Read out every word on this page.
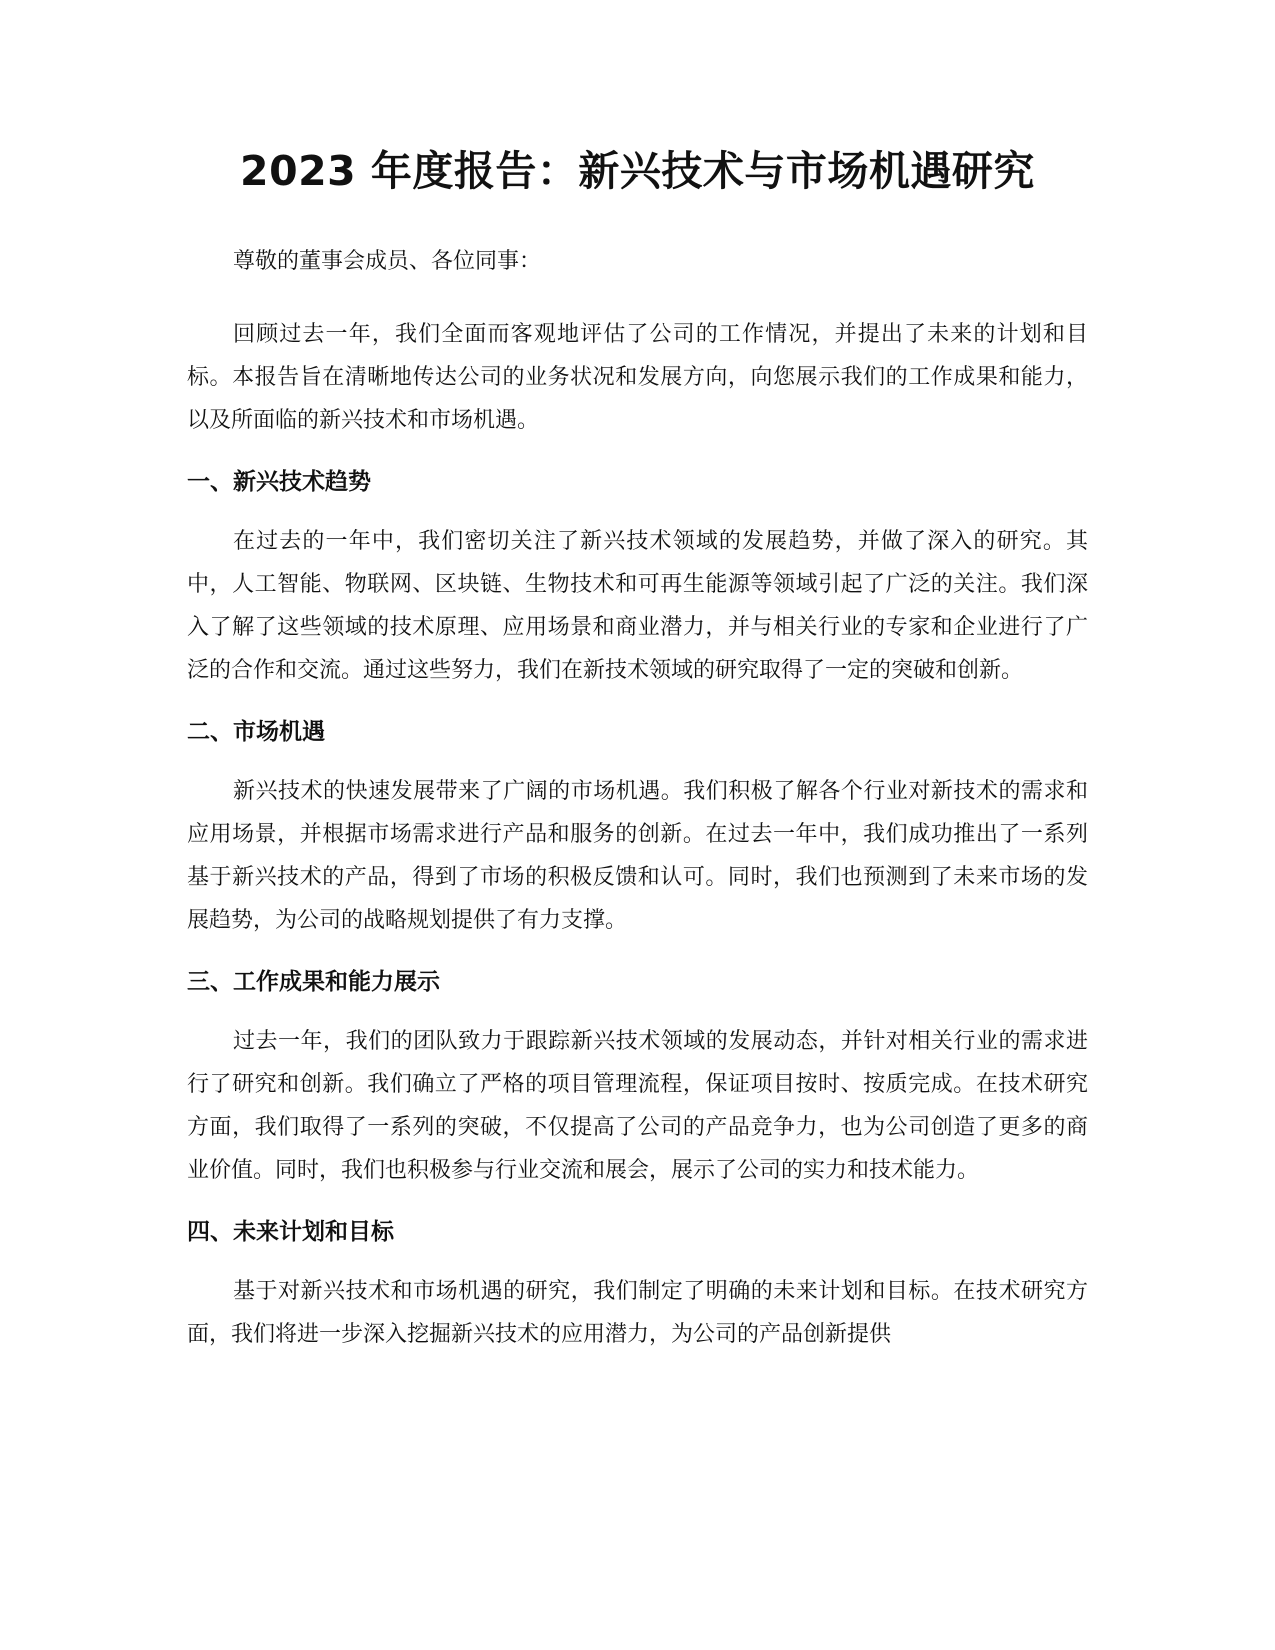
2023 年度报告：新兴技术与市场机遇研究

尊敬的董事会成员、各位同事：

回顾过去一年，我们全面而客观地评估了公司的工作情况，并提出了未来的计划和目标。本报告旨在清晰地传达公司的业务状况和发展方向，向您展示我们的工作成果和能力，以及所面临的新兴技术和市场机遇。

一、新兴技术趋势

在过去的一年中，我们密切关注了新兴技术领域的发展趋势，并做了深入的研究。其中，人工智能、物联网、区块链、生物技术和可再生能源等领域引起了广泛的关注。我们深入了解了这些领域的技术原理、应用场景和商业潜力，并与相关行业的专家和企业进行了广泛的合作和交流。通过这些努力，我们在新技术领域的研究取得了一定的突破和创新。

二、市场机遇

新兴技术的快速发展带来了广阔的市场机遇。我们积极了解各个行业对新技术的需求和应用场景，并根据市场需求进行产品和服务的创新。在过去一年中，我们成功推出了一系列基于新兴技术的产品，得到了市场的积极反馈和认可。同时，我们也预测到了未来市场的发展趋势，为公司的战略规划提供了有力支撑。

三、工作成果和能力展示

过去一年，我们的团队致力于跟踪新兴技术领域的发展动态，并针对相关行业的需求进行了研究和创新。我们确立了严格的项目管理流程，保证项目按时、按质完成。在技术研究方面，我们取得了一系列的突破，不仅提高了公司的产品竞争力，也为公司创造了更多的商业价值。同时，我们也积极参与行业交流和展会，展示了公司的实力和技术能力。

四、未来计划和目标

基于对新兴技术和市场机遇的研究，我们制定了明确的未来计划和目标。在技术研究方面，我们将进一步深入挖掘新兴技术的应用潜力，为公司的产品创新提供
